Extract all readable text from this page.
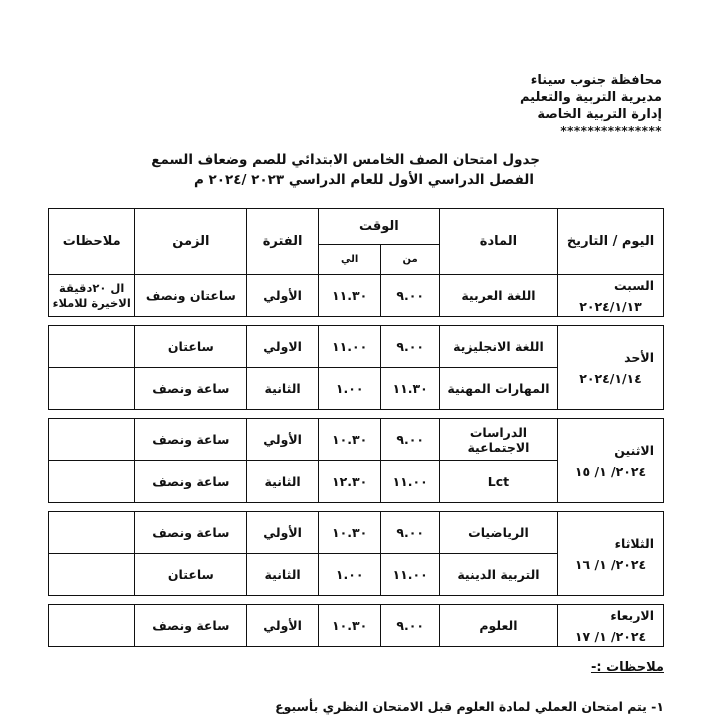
محافظة جنوب سيناء
مديرية التربية والتعليم
إدارة التربية الخاصة
***************
جدول امتحان الصف الخامس الابتدائي للصم وضعاف السمع
الفصل الدراسي الأول للعام الدراسي ٢٠٢٣ /٢٠٢٤ م
اليوم / التاريخ	المادة	الوقت		الفترة	الزمن	ملاحظات
		من	الي			

السبت
٢٠٢٤/١/١٣	اللغة العربية	٩.٠٠	١١.٣٠	الأولي	ساعتان ونصف	ال ٢٠دقيقة الاخيرة للاملاء

الأحد
٢٠٢٤/١/١٤	اللغة الانجليزية	٩.٠٠	١١.٠٠	الاولي	ساعتان	
	المهارات المهنية	١١.٣٠	١.٠٠	الثانية	ساعة ونصف	

الاثنين
٢٠٢٤/ ١/ ١٥	الدراسات الاجتماعية	٩.٠٠	١٠.٣٠	الأولي	ساعة ونصف	
	Lct	١١.٠٠	١٢.٣٠	الثانية	ساعة ونصف	

الثلاثاء
٢٠٢٤/ ١/ ١٦	الرياضيات	٩.٠٠	١٠.٣٠	الأولي	ساعة ونصف	
	التربية الدينية	١١.٠٠	١.٠٠	الثانية	ساعتان	

الاربعاء
٢٠٢٤/ ١/ ١٧	العلوم	٩.٠٠	١٠.٣٠	الأولي	ساعة ونصف	
ملاحظات :-
١- يتم امتحان العملي لمادة العلوم قبل الامتحان النظري بأسبوع
